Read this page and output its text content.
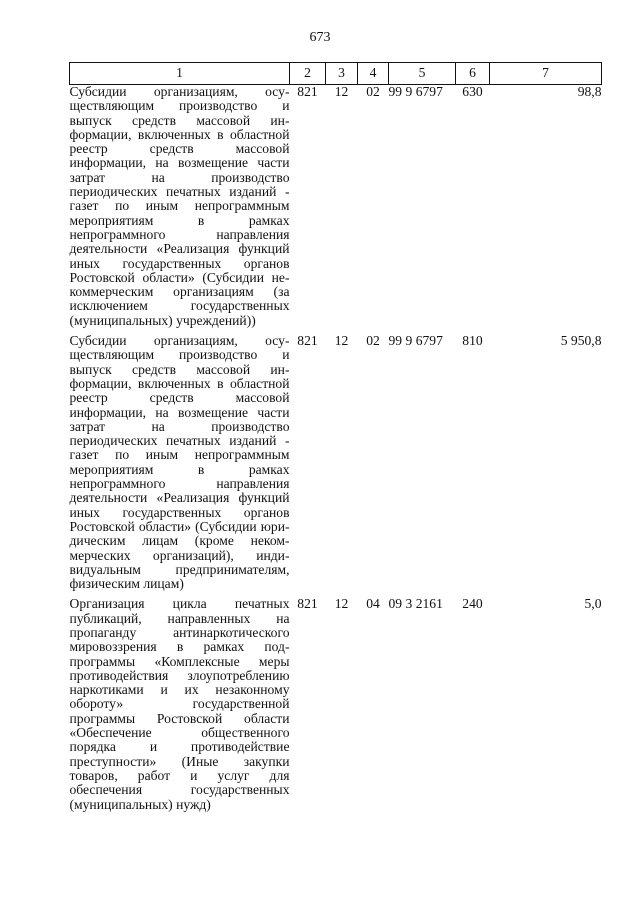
673
1	2	3	4	5	6	7
Субсидии организациям, осуществляющим производство и выпуск средств массовой информации, включенных в областной реестр средств массовой информации, на возмещение части затрат на производство периодических печатных изданий - газет по иным непрограммным мероприятиям в рамках непрограммного направления деятельности «Реализация функций иных государственных органов Ростовской области» (Субсидии некоммерческим организациям (за исключением государственных (муниципальных) учреждений))	821	12	02	99 9 6797	630	98,8

Субсидии организациям, осуществляющим производство и выпуск средств массовой информации, включенных в областной реестр средств массовой информации, на возмещение части затрат на производство периодических печатных изданий - газет по иным непрограммным мероприятиям в рамках непрограммного направления деятельности «Реализация функций иных государственных органов Ростовской области» (Субсидии юридическим лицам (кроме некоммерческих организаций), индивидуальным предпринимателям, физическим лицам)	821	12	02	99 9 6797	810	5 950,8

Организация цикла печатных публикаций, направленных на пропаганду антинаркотического мировоззрения в рамках подпрограммы «Комплексные меры противодействия злоупотреблению наркотиками и их незаконному обороту» государственной программы Ростовской области «Обеспечение общественного порядка и противодействие преступности» (Иные закупки товаров, работ и услуг для обеспечения государственных (муниципальных) нужд)	821	12	04	09 3 2161	240	5,0
